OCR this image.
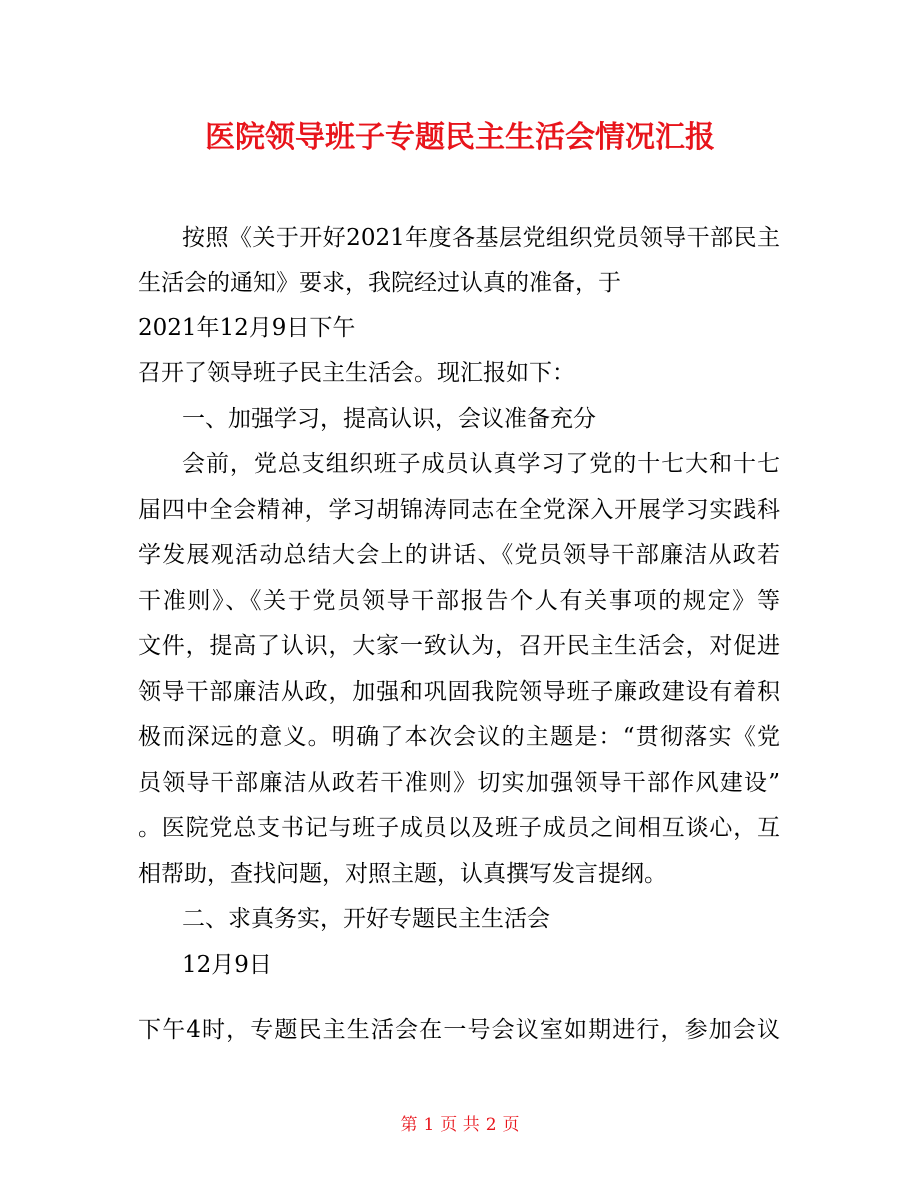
医院领导班子专题民主生活会情况汇报
按照《关于开好2021年度各基层党组织党员领导干部民主
生活会的通知》要求，我院经过认真的准备，于
2021年12月9日下午
召开了领导班子民主生活会。现汇报如下：
一、加强学习，提高认识，会议准备充分
会前，党总支组织班子成员认真学习了党的十七大和十七
届四中全会精神，学习胡锦涛同志在全党深入开展学习实践科
学发展观活动总结大会上的讲话、《党员领导干部廉洁从政若
干准则》、《关于党员领导干部报告个人有关事项的规定》等
文件，提高了认识，大家一致认为，召开民主生活会，对促进
领导干部廉洁从政，加强和巩固我院领导班子廉政建设有着积
极而深远的意义。明确了本次会议的主题是：“贯彻落实《党
员领导干部廉洁从政若干准则》切实加强领导干部作风建设”
。医院党总支书记与班子成员以及班子成员之间相互谈心，互
相帮助，查找问题，对照主题，认真撰写发言提纲。
二、求真务实，开好专题民主生活会
12月9日
下午4时，专题民主生活会在一号会议室如期进行，参加会议
第 1 页 共 2 页
